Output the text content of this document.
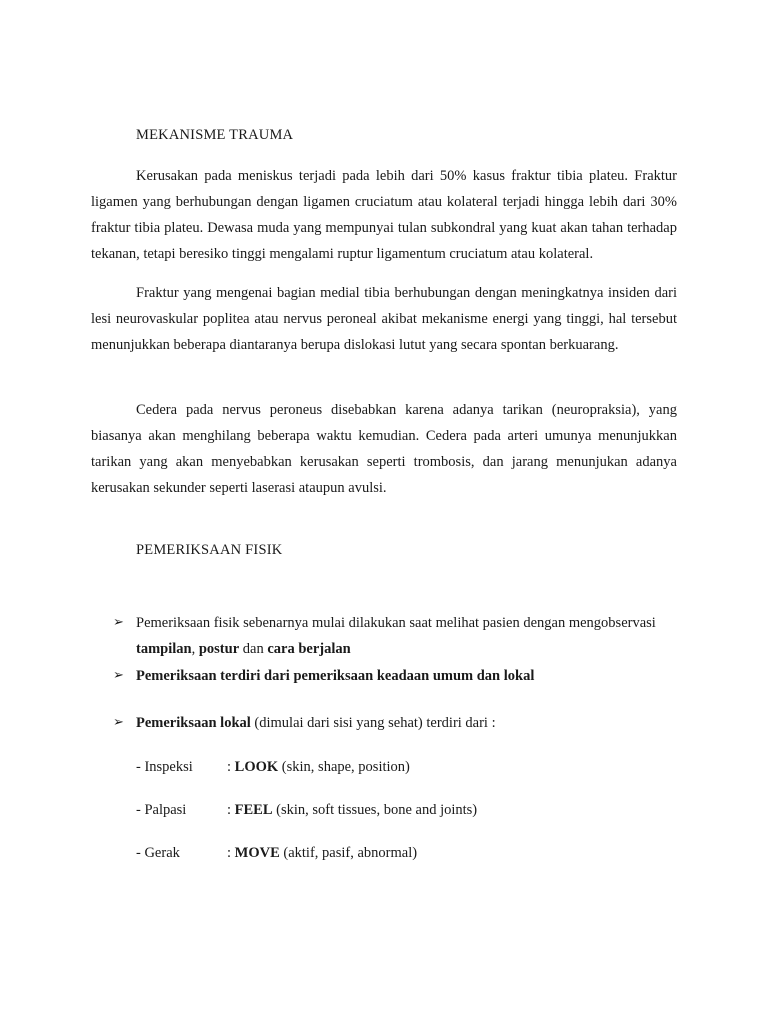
MEKANISME TRAUMA

Kerusakan pada meniskus terjadi pada lebih dari 50% kasus fraktur tibia plateu. Fraktur ligamen yang berhubungan dengan ligamen cruciatum atau kolateral terjadi hingga lebih dari 30% fraktur tibia plateu. Dewasa muda yang mempunyai tulan subkondral yang kuat akan tahan terhadap tekanan, tetapi beresiko tinggi mengalami ruptur ligamentum cruciatum atau kolateral.

Fraktur yang mengenai bagian medial tibia berhubungan dengan meningkatnya insiden dari lesi neurovaskular poplitea atau nervus peroneal akibat mekanisme energi yang tinggi, hal tersebut menunjukkan beberapa diantaranya berupa dislokasi lutut yang secara spontan berkuarang.

Cedera pada nervus peroneus disebabkan karena adanya tarikan (neuropraksia), yang biasanya akan menghilang beberapa waktu kemudian. Cedera pada arteri umunya menunjukkan tarikan yang akan menyebabkan kerusakan seperti trombosis, dan jarang menunjukan adanya kerusakan sekunder seperti laserasi ataupun avulsi.

PEMERIKSAAN FISIK
➢ Pemeriksaan fisik sebenarnya mulai dilakukan saat melihat pasien dengan mengobservasi tampilan, postur dan cara berjalan
➢ Pemeriksaan terdiri dari pemeriksaan keadaan umum dan lokal
➢ Pemeriksaan lokal (dimulai dari sisi yang sehat) terdiri dari :
- Inspeksi : LOOK (skin, shape, position)
- Palpasi	: FEEL (skin, soft tissues, bone and joints)
- Gerak	: MOVE (aktif, pasif, abnormal)
